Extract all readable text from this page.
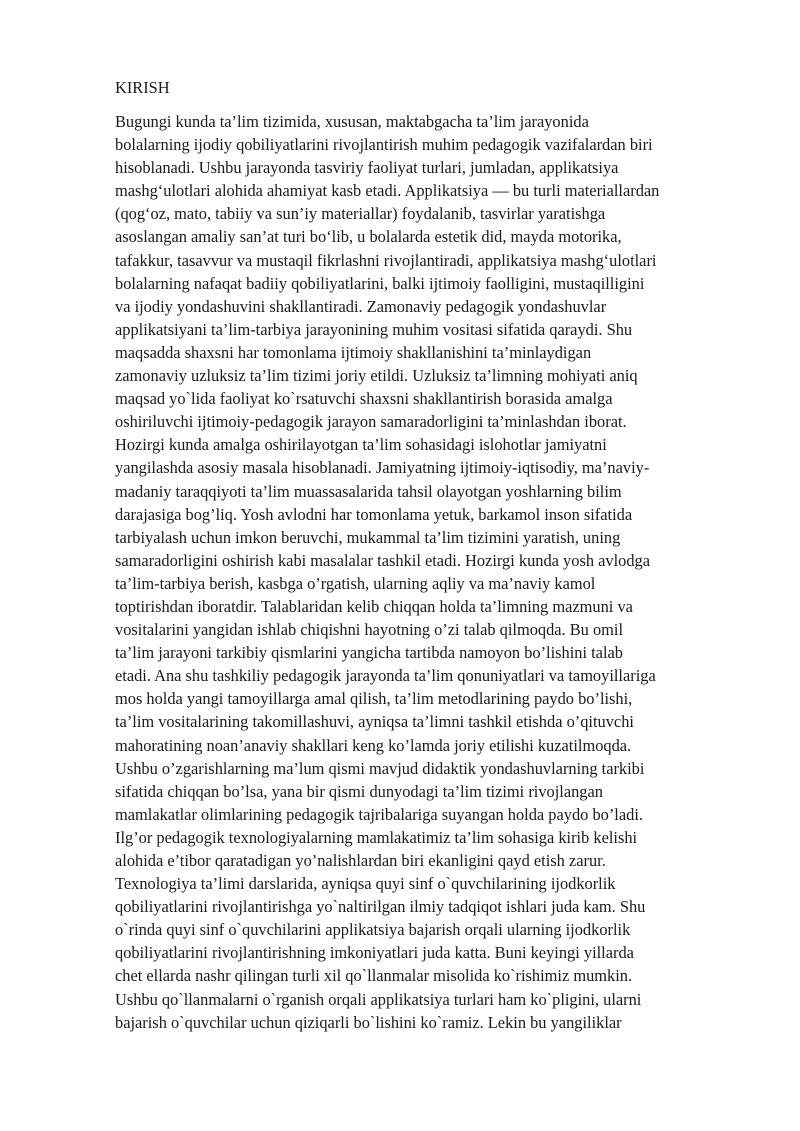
KIRISH
Bugungi kunda ta’lim tizimida, xususan, maktabgacha ta’lim jarayonida
bolalarning ijodiy qobiliyatlarini rivojlantirish muhim pedagogik vazifalardan biri
hisoblanadi. Ushbu jarayonda tasviriy faoliyat turlari, jumladan, applikatsiya
mashg‘ulotlari alohida ahamiyat kasb etadi. Applikatsiya — bu turli materiallardan
(qog‘oz, mato, tabiiy va sun’iy materiallar) foydalanib, tasvirlar yaratishga
asoslangan amaliy san’at turi bo‘lib, u bolalarda estetik did, mayda motorika,
tafakkur, tasavvur va mustaqil fikrlashni rivojlantiradi, applikatsiya mashg‘ulotlari
bolalarning nafaqat badiiy qobiliyatlarini, balki ijtimoiy faolligini, mustaqilligini
va ijodiy yondashuvini shakllantiradi. Zamonaviy pedagogik yondashuvlar
applikatsiyani ta’lim-tarbiya jarayonining muhim vositasi sifatida qaraydi. Shu
maqsadda shaxsni har tomonlama ijtimoiy shakllanishini ta’minlaydigan
zamonaviy uzluksiz ta’lim tizimi joriy etildi. Uzluksiz ta’limning mohiyati aniq
maqsad yo`lida faoliyat ko`rsatuvchi shaxsni shakllantirish borasida amalga
oshiriluvchi ijtimoiy-pedagogik jarayon samaradorligini ta’minlashdan iborat.
Hozirgi kunda amalga oshirilayotgan ta’lim sohasidagi islohotlar jamiyatni
yangilashda asosiy masala hisoblanadi. Jamiyatning ijtimoiy-iqtisodiy, ma’naviy-
madaniy taraqqiyoti ta’lim muassasalarida tahsil olayotgan yoshlarning bilim
darajasiga bog’liq. Yosh avlodni har tomonlama yetuk, barkamol inson sifatida
tarbiyalash uchun imkon beruvchi, mukammal ta’lim tizimini yaratish, uning
samaradorligini oshirish kabi masalalar tashkil etadi. Hozirgi kunda yosh avlodga
ta’lim-tarbiya berish, kasbga o’rgatish, ularning aqliy va ma’naviy kamol
toptirishdan iboratdir. Talablaridan kelib chiqqan holda ta’limning mazmuni va
vositalarini yangidan ishlab chiqishni hayotning o’zi talab qilmoqda. Bu omil
ta’lim jarayoni tarkibiy qismlarini yangicha tartibda namoyon bo’lishini talab
etadi. Ana shu tashkiliy pedagogik jarayonda ta’lim qonuniyatlari va tamoyillariga
mos holda yangi tamoyillarga amal qilish, ta’lim metodlarining paydo bo’lishi,
ta’lim vositalarining takomillashuvi, ayniqsa ta’limni tashkil etishda o’qituvchi
mahoratining noan’anaviy shakllari keng ko’lamda joriy etilishi kuzatilmoqda.
Ushbu o’zgarishlarning ma’lum qismi mavjud didaktik yondashuvlarning tarkibi
sifatida chiqqan bo’lsa, yana bir qismi dunyodagi ta’lim tizimi rivojlangan
mamlakatlar olimlarining pedagogik tajribalariga suyangan holda paydo bo’ladi.
Ilg’or pedagogik texnologiyalarning mamlakatimiz ta’lim sohasiga kirib kelishi
alohida e’tibor qaratadigan yo’nalishlardan biri ekanligini qayd etish zarur.
Texnologiya ta’limi darslarida, ayniqsa quyi sinf o`quvchilarining ijodkorlik
qobiliyatlarini rivojlantirishga yo`naltirilgan ilmiy tadqiqot ishlari juda kam. Shu
o`rinda quyi sinf o`quvchilarini applikatsiya bajarish orqali ularning ijodkorlik
qobiliyatlarini rivojlantirishning imkoniyatlari juda katta. Buni keyingi yillarda
chet ellarda nashr qilingan turli xil qo`llanmalar misolida ko`rishimiz mumkin.
Ushbu qo`llanmalarni o`rganish orqali applikatsiya turlari ham ko`pligini, ularni
bajarish o`quvchilar uchun qiziqarli bo`lishini ko`ramiz. Lekin bu yangiliklar
